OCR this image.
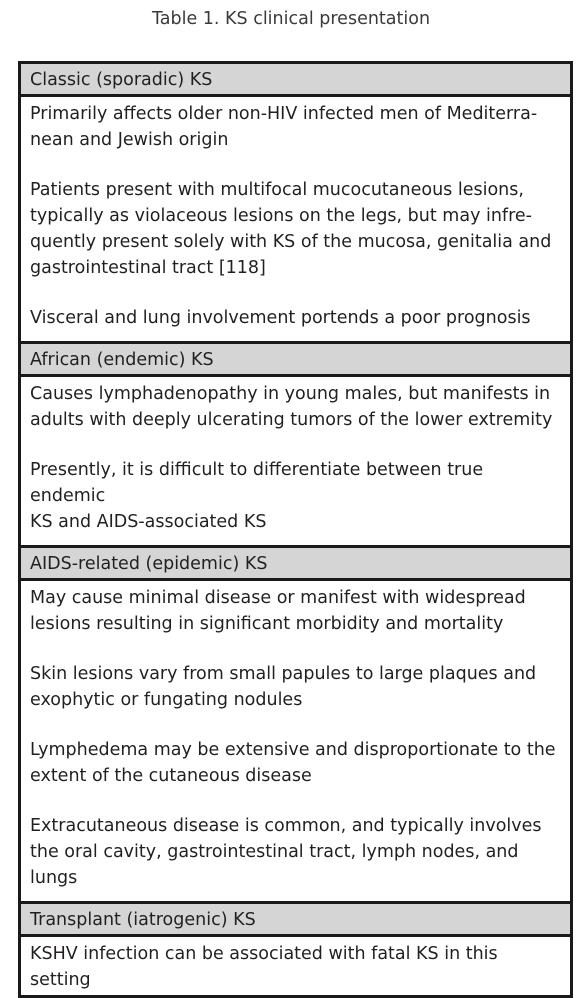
Table 1. KS clinical presentation
Classic (sporadic) KS

Primarily affects older non-HIV infected men of Mediterra-
nean and Jewish origin

Patients present with multifocal mucocutaneous lesions,
typically as violaceous lesions on the legs, but may infre-
quently present solely with KS of the mucosa, genitalia and
gastrointestinal tract [118]

Visceral and lung involvement portends a poor prognosis

African (endemic) KS

Causes lymphadenopathy in young males, but manifests in
adults with deeply ulcerating tumors of the lower extremity

Presently, it is difficult to differentiate between true endemic
KS and AIDS-associated KS

AIDS-related (epidemic) KS

May cause minimal disease or manifest with widespread
lesions resulting in significant morbidity and mortality

Skin lesions vary from small papules to large plaques and
exophytic or fungating nodules

Lymphedema may be extensive and disproportionate to the
extent of the cutaneous disease

Extracutaneous disease is common, and typically involves
the oral cavity, gastrointestinal tract, lymph nodes, and lungs

Transplant (iatrogenic) KS

KSHV infection can be associated with fatal KS in this setting
